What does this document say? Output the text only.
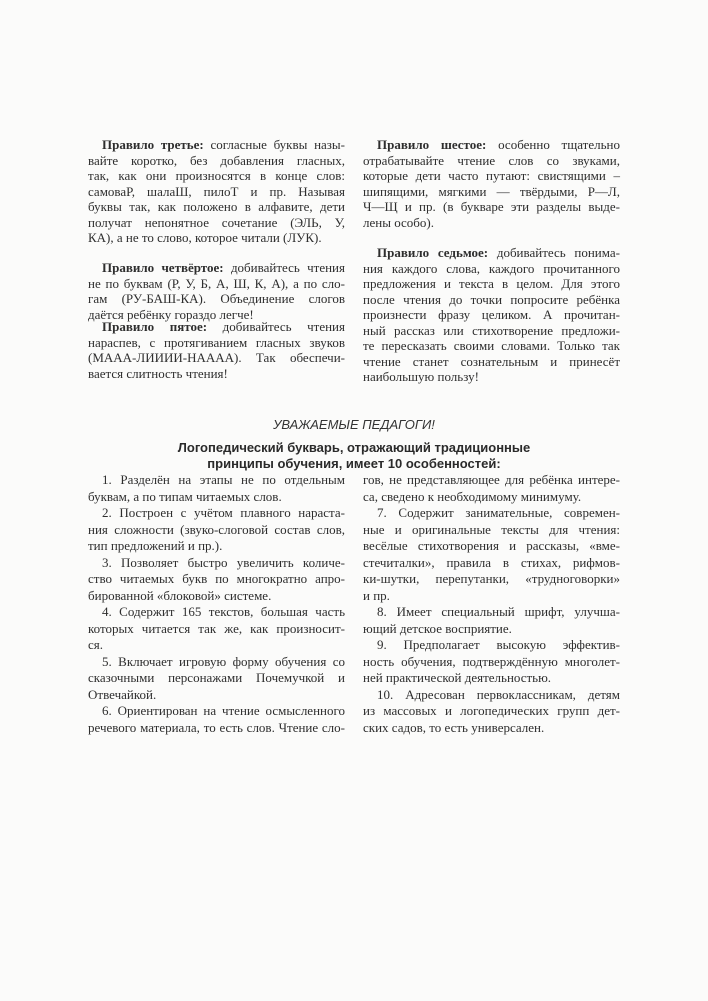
УВАЖАЕМЫЕ ПЕДАГОГИ!
Логопедический букварь, отражающий традиционные
принципы обучения, имеет 10 особенностей:
Правило третье: согласные буквы назы-
вайте коротко, без добавления гласных,
так, как они произносятся в конце слов:
самоваР, шалаШ, пилоТ и пр. Называя
буквы так, как положено в алфавите, дети
получат непонятное сочетание (ЭЛЬ, У,
КА), а не то слово, которое читали (ЛУК).
Правило четвёртое: добивайтесь чтения
не по буквам (Р, У, Б, А, Ш, К, А), а по сло-
гам (РУ-БАШ-КА). Объединение слогов
даётся ребёнку гораздо легче!
Правило пятое: добивайтесь чтения
нараспев, с протягиванием гласных звуков
(МААА-ЛИИИИ-НАААА). Так обеспечи-
вается слитность чтения!
Правило шестое: особенно тщательно
отрабатывайте чтение слов со звуками,
которые дети часто путают: свистящими –
шипящими, мягкими — твёрдыми, Р—Л,
Ч—Щ и пр. (в букваре эти разделы выде-
лены особо).
Правило седьмое: добивайтесь понима-
ния каждого слова, каждого прочитанного
предложения и текста в целом. Для этого
после чтения до точки попросите ребёнка
произнести фразу целиком. А прочитан-
ный рассказ или стихотворение предложи-
те пересказать своими словами. Только так
чтение станет сознательным и принесёт
наибольшую пользу!
1. Разделён на этапы не по отдельным
буквам, а по типам читаемых слов.
2. Построен с учётом плавного нараста-
ния сложности (звуко-слоговой состав слов,
тип предложений и пр.).
3. Позволяет быстро увеличить количе-
ство читаемых букв по многократно апро-
бированной «блоковой» системе.
4. Содержит 165 текстов, большая часть
которых читается так же, как произносит-
ся.
5. Включает игровую форму обучения со
сказочными персонажами Почемучкой и
Отвечайкой.
6. Ориентирован на чтение осмысленного
речевого материала, то есть слов. Чтение сло-
гов, не представляющее для ребёнка интере-
са, сведено к необходимому минимуму.
7. Содержит занимательные, современ-
ные и оригинальные тексты для чтения:
весёлые стихотворения и рассказы, «вме-
стечиталки», правила в стихах, рифмов-
ки-шутки, перепутанки, «трудноговорки»
и пр.
8. Имеет специальный шрифт, улучша-
ющий детское восприятие.
9. Предполагает высокую эффектив-
ность обучения, подтверждённую многолет-
ней практической деятельностью.
10. Адресован первоклассникам, детям
из массовых и логопедических групп дет-
ских садов, то есть универсален.
